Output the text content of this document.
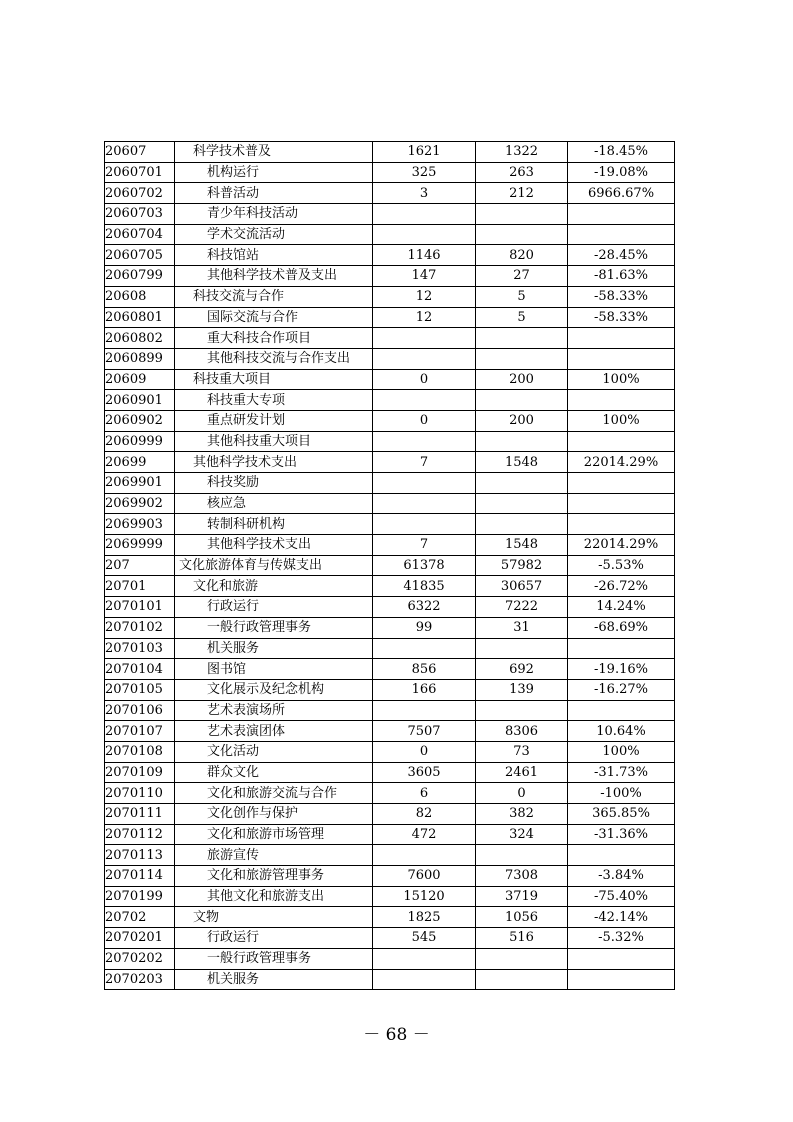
20607	科学技术普及	1621	1322	-18.45%
2060701	机构运行	325	263	-19.08%
2060702	科普活动	3	212	6966.67%
2060703	青少年科技活动			
2060704	学术交流活动			
2060705	科技馆站	1146	820	-28.45%
2060799	其他科学技术普及支出	147	27	-81.63%
20608	科技交流与合作	12	5	-58.33%
2060801	国际交流与合作	12	5	-58.33%
2060802	重大科技合作项目			
2060899	其他科技交流与合作支出			
20609	科技重大项目	0	200	100%
2060901	科技重大专项			
2060902	重点研发计划	0	200	100%
2060999	其他科技重大项目			
20699	其他科学技术支出	7	1548	22014.29%
2069901	科技奖励			
2069902	核应急			
2069903	转制科研机构			
2069999	其他科学技术支出	7	1548	22014.29%
207	文化旅游体育与传媒支出	61378	57982	-5.53%
20701	文化和旅游	41835	30657	-26.72%
2070101	行政运行	6322	7222	14.24%
2070102	一般行政管理事务	99	31	-68.69%
2070103	机关服务			
2070104	图书馆	856	692	-19.16%
2070105	文化展示及纪念机构	166	139	-16.27%
2070106	艺术表演场所			
2070107	艺术表演团体	7507	8306	10.64%
2070108	文化活动	0	73	100%
2070109	群众文化	3605	2461	-31.73%
2070110	文化和旅游交流与合作	6	0	-100%
2070111	文化创作与保护	82	382	365.85%
2070112	文化和旅游市场管理	472	324	-31.36%
2070113	旅游宣传			
2070114	文化和旅游管理事务	7600	7308	-3.84%
2070199	其他文化和旅游支出	15120	3719	-75.40%
20702	文物	1825	1056	-42.14%
2070201	行政运行	545	516	-5.32%
2070202	一般行政管理事务			
2070203	机关服务			
－ 68 －
